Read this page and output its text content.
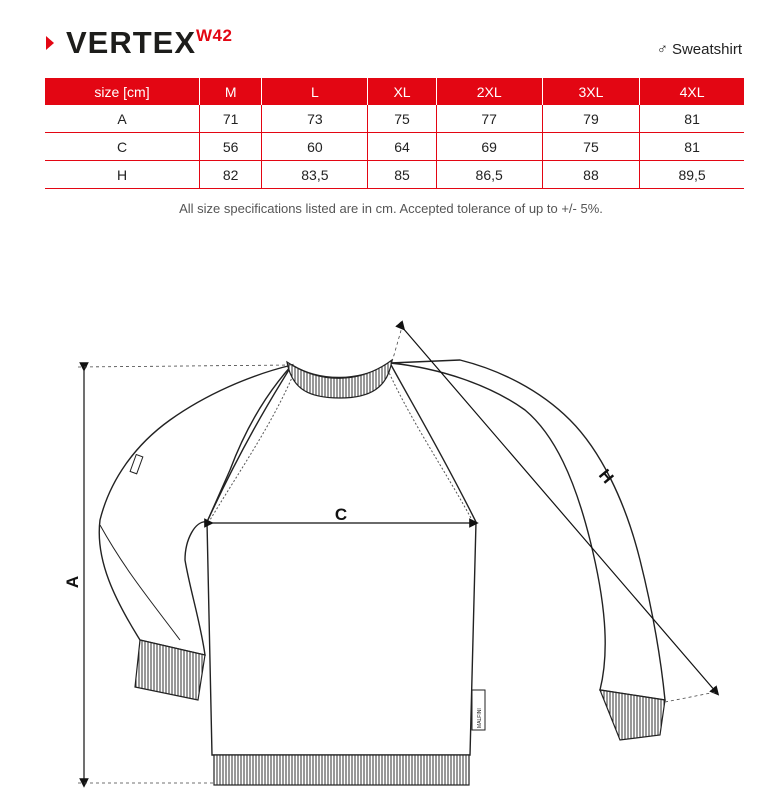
VERTEX W42
♂ Sweatshirt
size [cm]	M	L	XL	2XL	3XL	4XL
A	71	73	75	77	79	81
C	56	60	64	69	75	81
H	82	83,5	85	86,5	88	89,5
All size specifications listed are in cm. Accepted tolerance of up to +/- 5%.
MALFINI
A
C
H
